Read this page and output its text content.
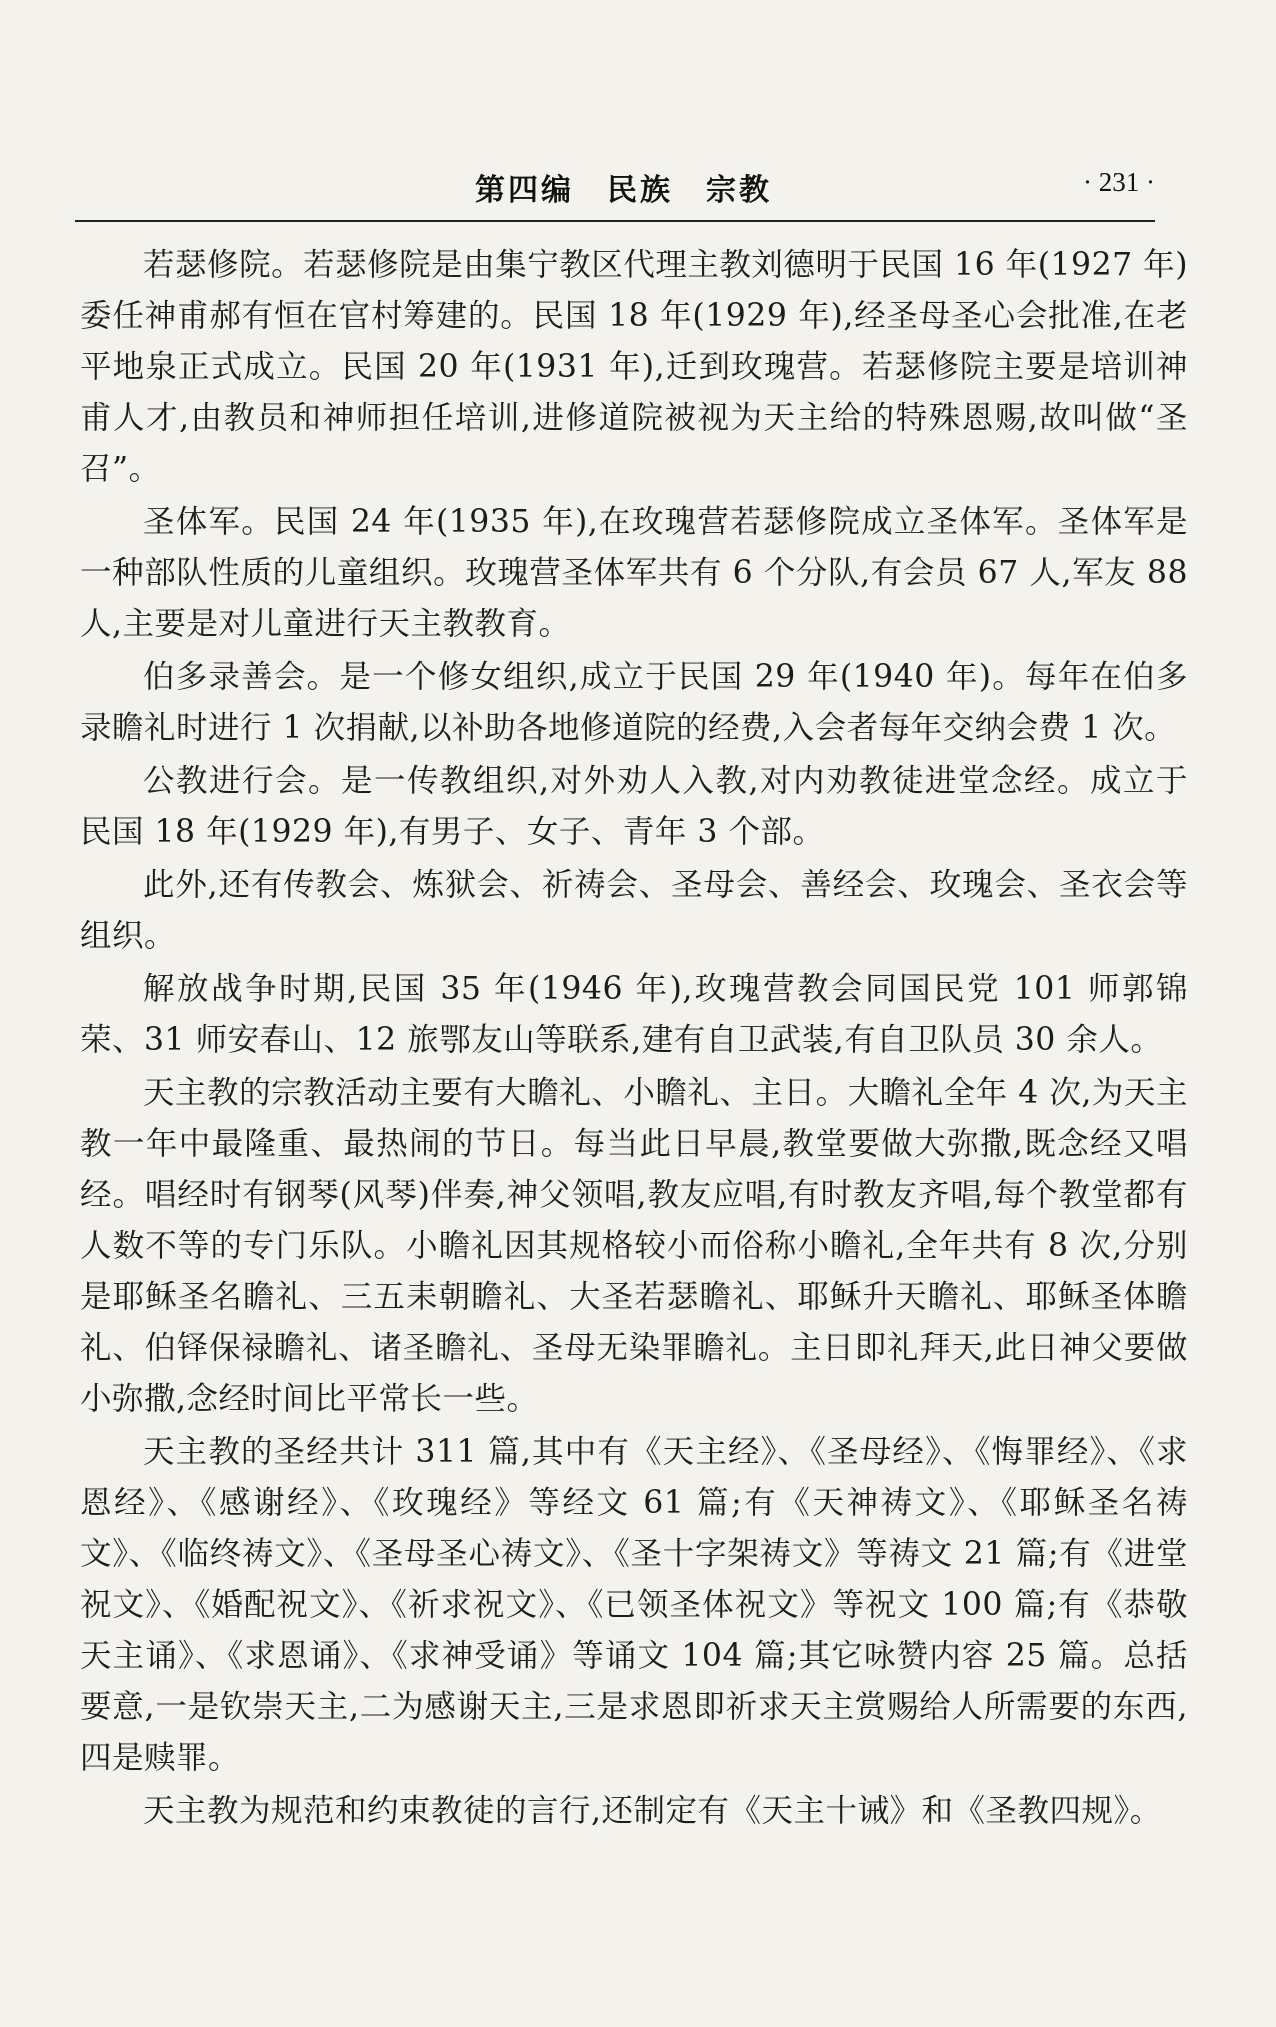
第四编　民族　宗教	· 231 ·

若瑟修院。若瑟修院是由集宁教区代理主教刘德明于民国 16 年(1927 年)委任神甫郝有恒在官村筹建的。民国 18 年(1929 年),经圣母圣心会批准,在老平地泉正式成立。民国 20 年(1931 年),迁到玫瑰营。若瑟修院主要是培训神甫人才,由教员和神师担任培训,进修道院被视为天主给的特殊恩赐,故叫做“圣召”。

圣体军。民国 24 年(1935 年),在玫瑰营若瑟修院成立圣体军。圣体军是一种部队性质的儿童组织。玫瑰营圣体军共有 6 个分队,有会员 67 人,军友 88 人,主要是对儿童进行天主教教育。

伯多录善会。是一个修女组织,成立于民国 29 年(1940 年)。每年在伯多录瞻礼时进行 1 次捐献,以补助各地修道院的经费,入会者每年交纳会费 1 次。

公教进行会。是一传教组织,对外劝人入教,对内劝教徒进堂念经。成立于民国 18 年(1929 年),有男子、女子、青年 3 个部。

此外,还有传教会、炼狱会、祈祷会、圣母会、善经会、玫瑰会、圣衣会等组织。

解放战争时期,民国 35 年(1946 年),玫瑰营教会同国民党 101 师郭锦荣、31 师安春山、12 旅鄂友山等联系,建有自卫武装,有自卫队员 30 余人。

天主教的宗教活动主要有大瞻礼、小瞻礼、主日。大瞻礼全年 4 次,为天主教一年中最隆重、最热闹的节日。每当此日早晨,教堂要做大弥撒,既念经又唱经。唱经时有钢琴(风琴)伴奏,神父领唱,教友应唱,有时教友齐唱,每个教堂都有人数不等的专门乐队。小瞻礼因其规格较小而俗称小瞻礼,全年共有 8 次,分别是耶稣圣名瞻礼、三五耒朝瞻礼、大圣若瑟瞻礼、耶稣升天瞻礼、耶稣圣体瞻礼、伯铎保禄瞻礼、诸圣瞻礼、圣母无染罪瞻礼。主日即礼拜天,此日神父要做小弥撒,念经时间比平常长一些。

天主教的圣经共计 311 篇,其中有《天主经》、《圣母经》、《悔罪经》、《求恩经》、《感谢经》、《玫瑰经》等经文 61 篇;有《天神祷文》、《耶稣圣名祷文》、《临终祷文》、《圣母圣心祷文》、《圣十字架祷文》等祷文 21 篇;有《进堂祝文》、《婚配祝文》、《祈求祝文》、《已领圣体祝文》等祝文 100 篇;有《恭敬天主诵》、《求恩诵》、《求神受诵》等诵文 104 篇;其它咏赞内容 25 篇。总括要意,一是钦崇天主,二为感谢天主,三是求恩即祈求天主赏赐给人所需要的东西,四是赎罪。

天主教为规范和约束教徒的言行,还制定有《天主十诫》和《圣教四规》。
